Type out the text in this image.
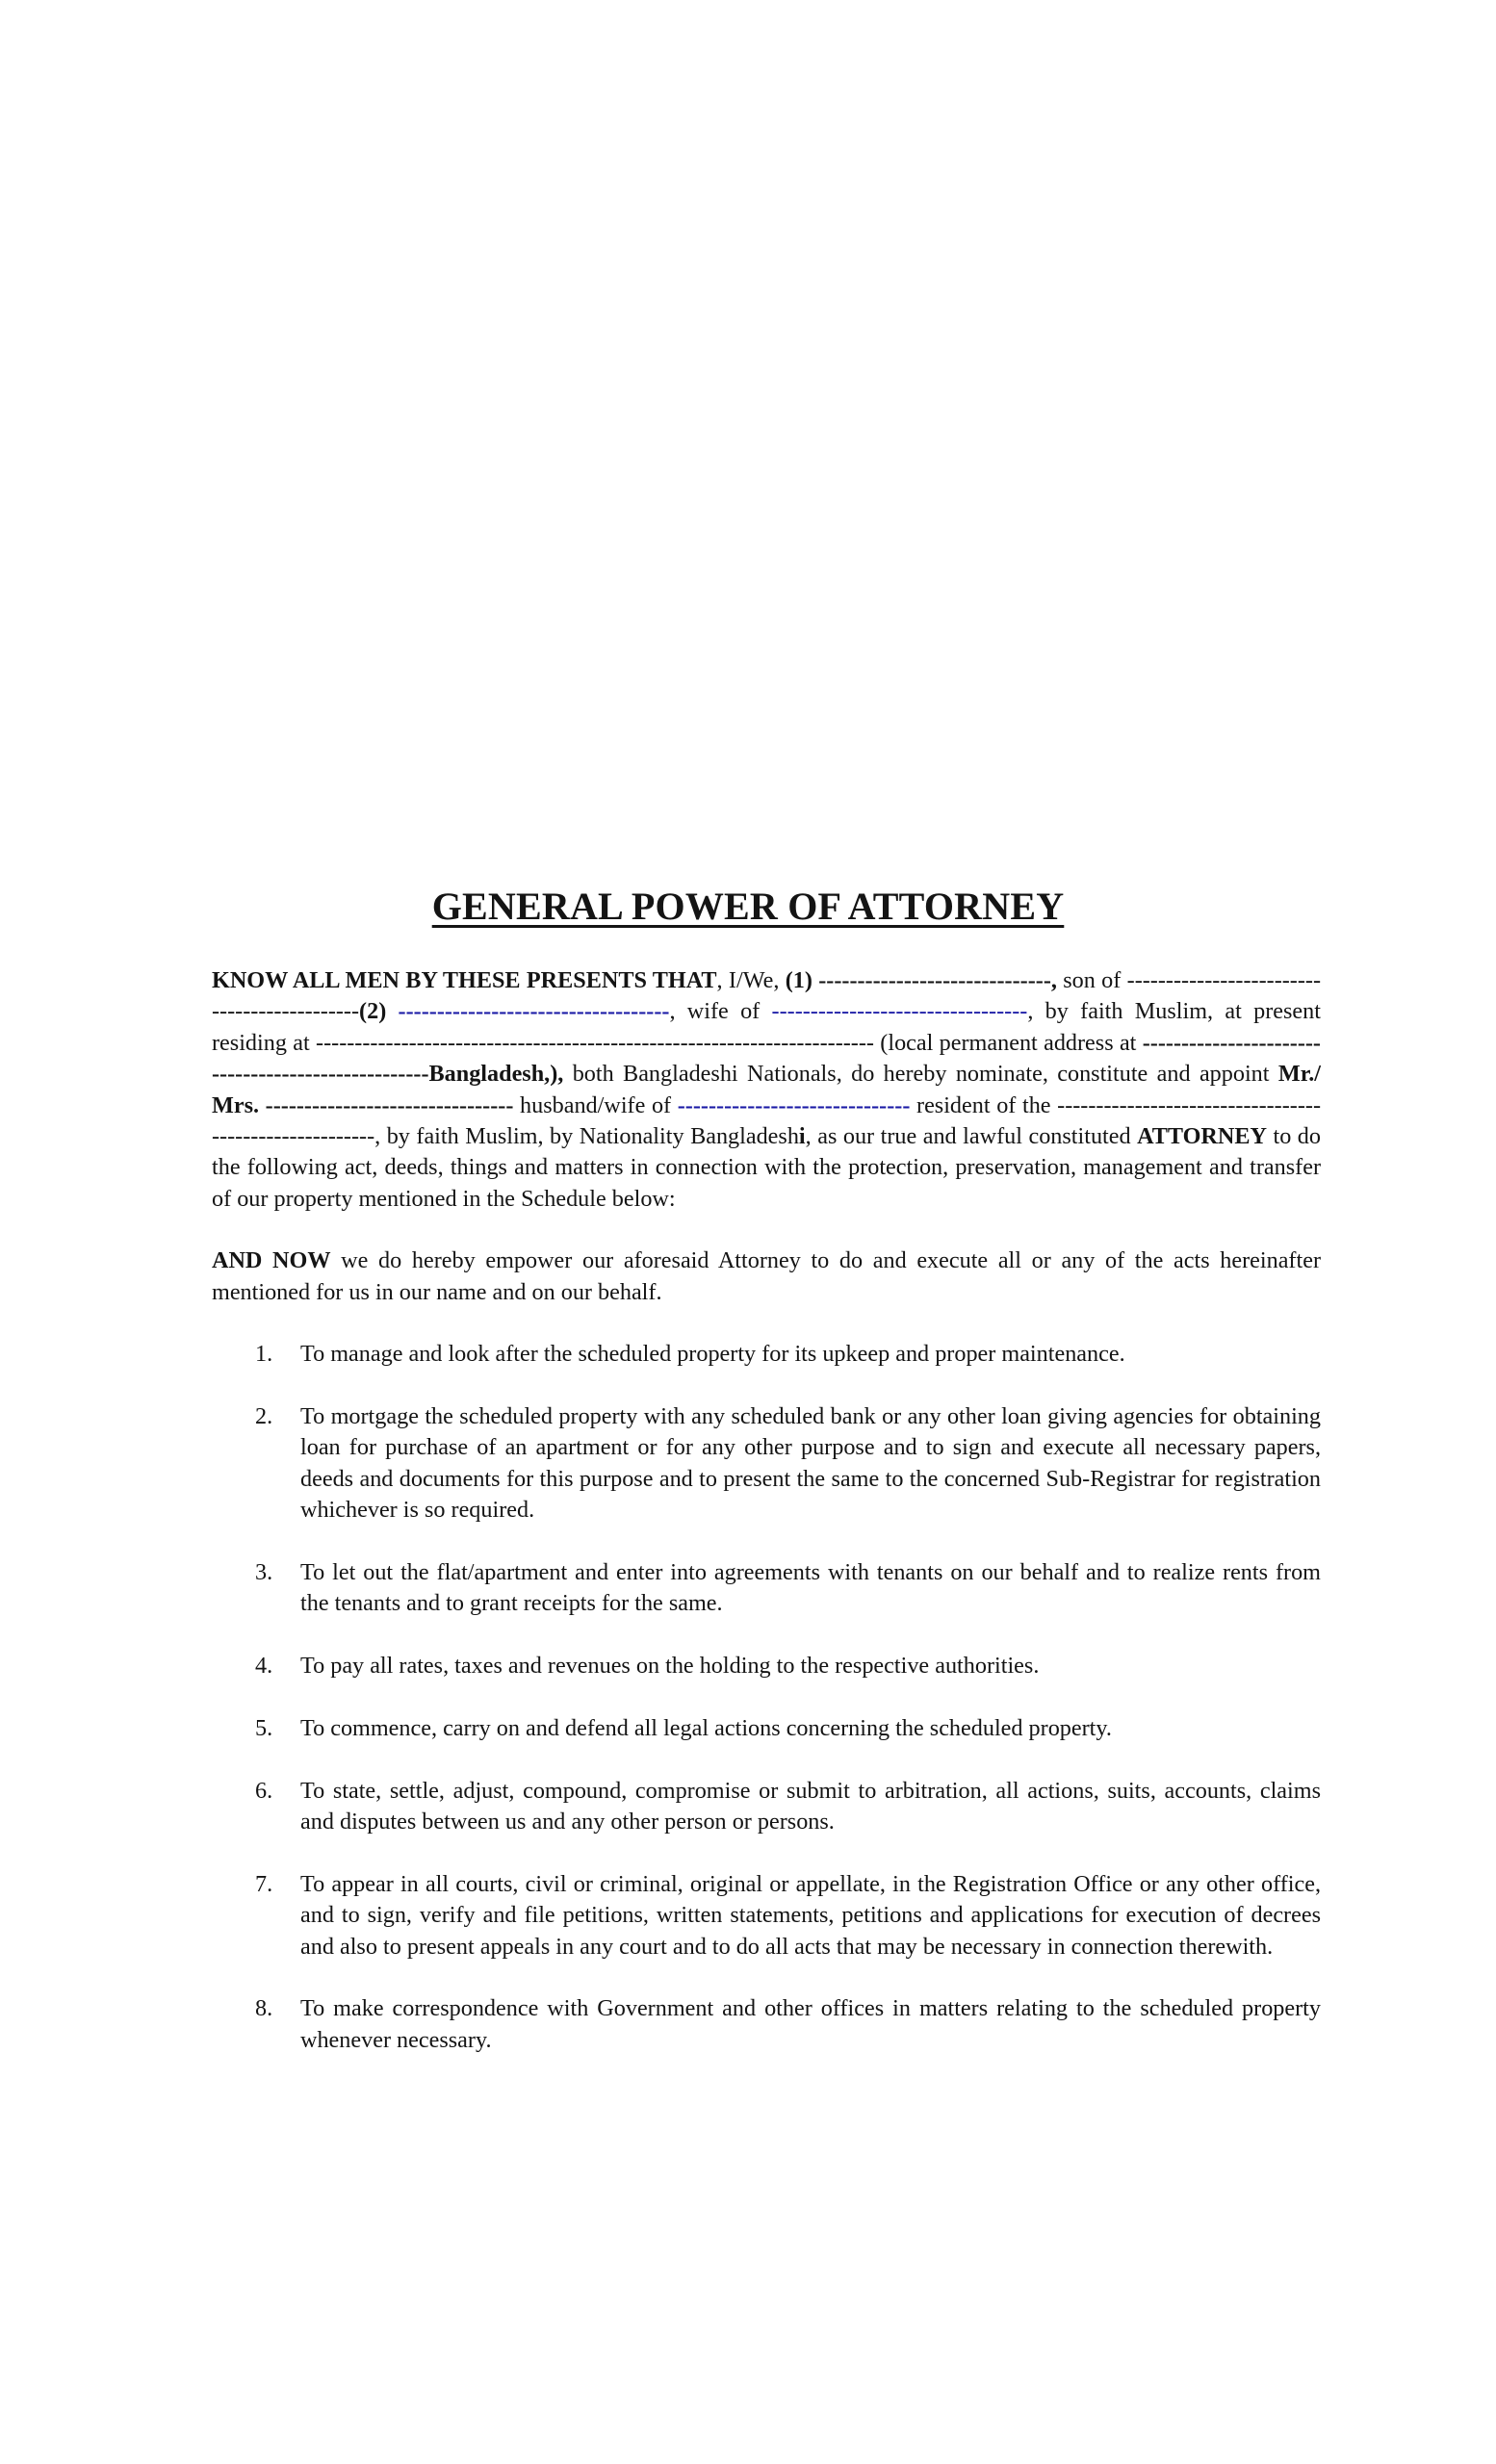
GENERAL POWER OF ATTORNEY

KNOW ALL MEN BY THESE PRESENTS THAT, I/We, (1) ------------------------------, son of --------------------------------------------(2) -----------------------------------, wife of ---------------------------------, by faith Muslim, at present residing at ------------------------------------------------------------------------ (local permanent address at ---------------------------------------------------Bangladesh,), both Bangladeshi Nationals, do hereby nominate, constitute and appoint Mr./ Mrs. -------------------------------- husband/wife of ------------------------------ resident of the -------------------------------------------------------, by faith Muslim, by Nationality Bangladeshi, as our true and lawful constituted ATTORNEY to do the following act, deeds, things and matters in connection with the protection, preservation, management and transfer of our property mentioned in the Schedule below:

AND NOW we do hereby empower our aforesaid Attorney to do and execute all or any of the acts hereinafter mentioned for us in our name and on our behalf.

1. To manage and look after the scheduled property for its upkeep and proper maintenance.
2. To mortgage the scheduled property with any scheduled bank or any other loan giving agencies for obtaining loan for purchase of an apartment or for any other purpose and to sign and execute all necessary papers, deeds and documents for this purpose and to present the same to the concerned Sub-Registrar for registration whichever is so required.
3. To let out the flat/apartment and enter into agreements with tenants on our behalf and to realize rents from the tenants and to grant receipts for the same.
4. To pay all rates, taxes and revenues on the holding to the respective authorities.
5. To commence, carry on and defend all legal actions concerning the scheduled property.
6. To state, settle, adjust, compound, compromise or submit to arbitration, all actions, suits, accounts, claims and disputes between us and any other person or persons.
7. To appear in all courts, civil or criminal, original or appellate, in the Registration Office or any other office, and to sign, verify and file petitions, written statements, petitions and applications for execution of decrees and also to present appeals in any court and to do all acts that may be necessary in connection therewith.
8. To make correspondence with Government and other offices in matters relating to the scheduled property whenever necessary.
